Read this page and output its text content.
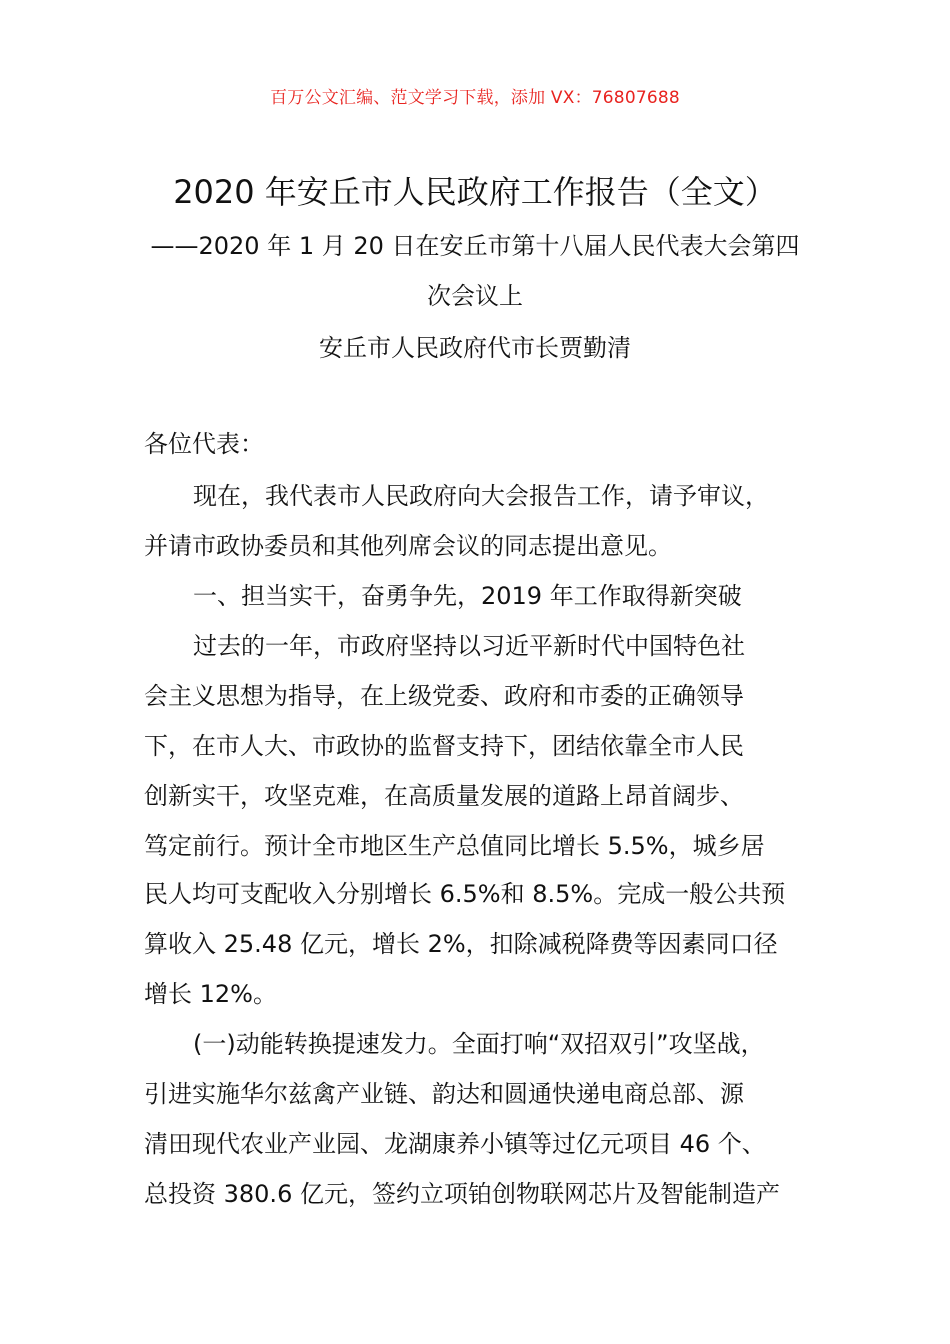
百万公文汇编、范文学习下载，添加 VX：76807688
2020 年安丘市人民政府工作报告（全文）
——2020 年 1 月 20 日在安丘市第十八届人民代表大会第四
次会议上
安丘市人民政府代市长贾勤清
各位代表：
现在，我代表市人民政府向大会报告工作，请予审议，
并请市政协委员和其他列席会议的同志提出意见。
一、担当实干，奋勇争先，2019 年工作取得新突破
过去的一年，市政府坚持以习近平新时代中国特色社
会主义思想为指导，在上级党委、政府和市委的正确领导
下，在市人大、市政协的监督支持下，团结依靠全市人民
创新实干，攻坚克难，在高质量发展的道路上昂首阔步、
笃定前行。预计全市地区生产总值同比增长 5.5%，城乡居
民人均可支配收入分别增长 6.5%和 8.5%。完成一般公共预
算收入 25.48 亿元，增长 2%，扣除减税降费等因素同口径
增长 12%。
(一)动能转换提速发力。全面打响“双招双引”攻坚战，
引进实施华尔兹禽产业链、韵达和圆通快递电商总部、源
清田现代农业产业园、龙湖康养小镇等过亿元项目 46 个、
总投资 380.6 亿元，签约立项铂创物联网芯片及智能制造产
